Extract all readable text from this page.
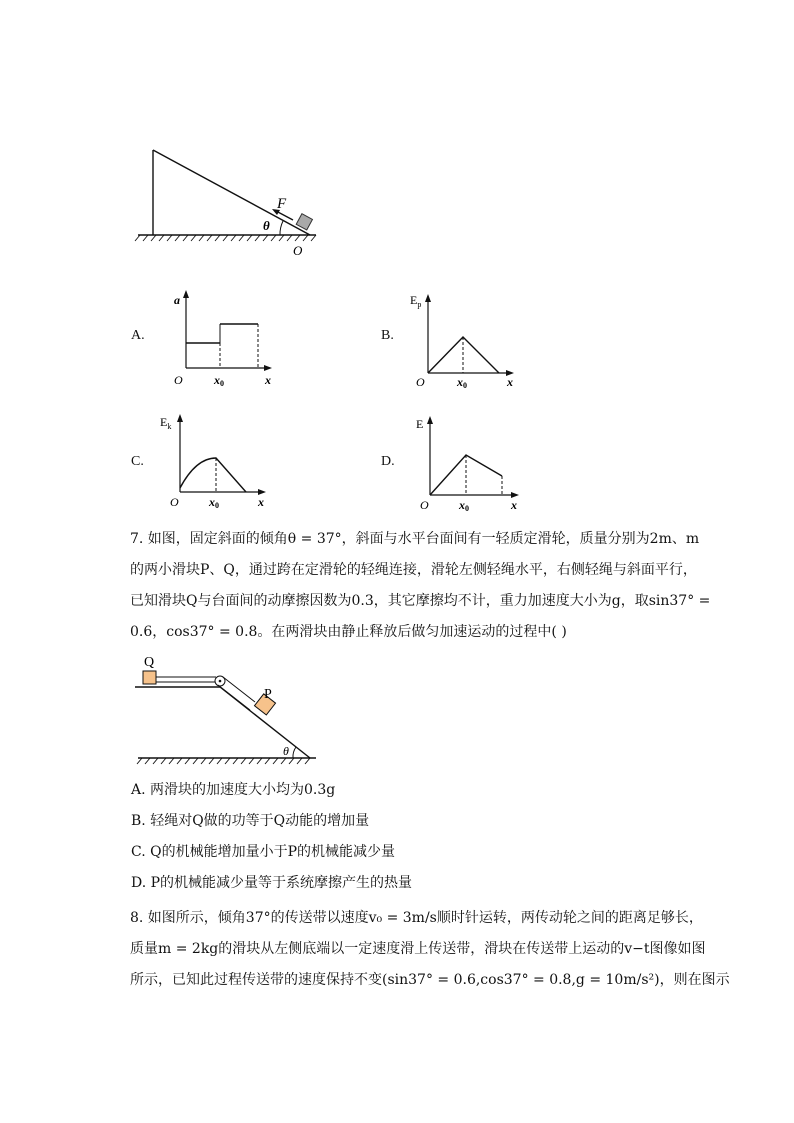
θ
F
O
A.
a
O	x0	x
B.
$E_p$
O	x0	x
C.
$E_k$
O	x0	x
D.
E
O	x0	x
7. 如图，固定斜面的倾角θ = 37°，斜面与水平台面间有一轻质定滑轮，质量分别为2m、m
的两小滑块P、Q，通过跨在定滑轮的轻绳连接，滑轮左侧轻绳水平，右侧轻绳与斜面平行，
已知滑块Q与台面间的动摩擦因数为0.3，其它摩擦均不计，重力加速度大小为g，取sin37° =
0.6，cos37° = 0.8。在两滑块由静止释放后做匀加速运动的过程中( )
θ
Q
P
A. 两滑块的加速度大小均为0.3g
B. 轻绳对Q做的功等于Q动能的增加量
C. Q的机械能增加量小于P的机械能减少量
D. P的机械能减少量等于系统摩擦产生的热量
8. 如图所示，倾角37°的传送带以速度v₀ = 3m/s顺时针运转，两传动轮之间的距离足够长，
质量m = 2kg的滑块从左侧底端以一定速度滑上传送带，滑块在传送带上运动的v−t图像如图
所示，已知此过程传送带的速度保持不变(sin37° = 0.6,cos37° = 0.8,g = 10m/s²)，则在图示
